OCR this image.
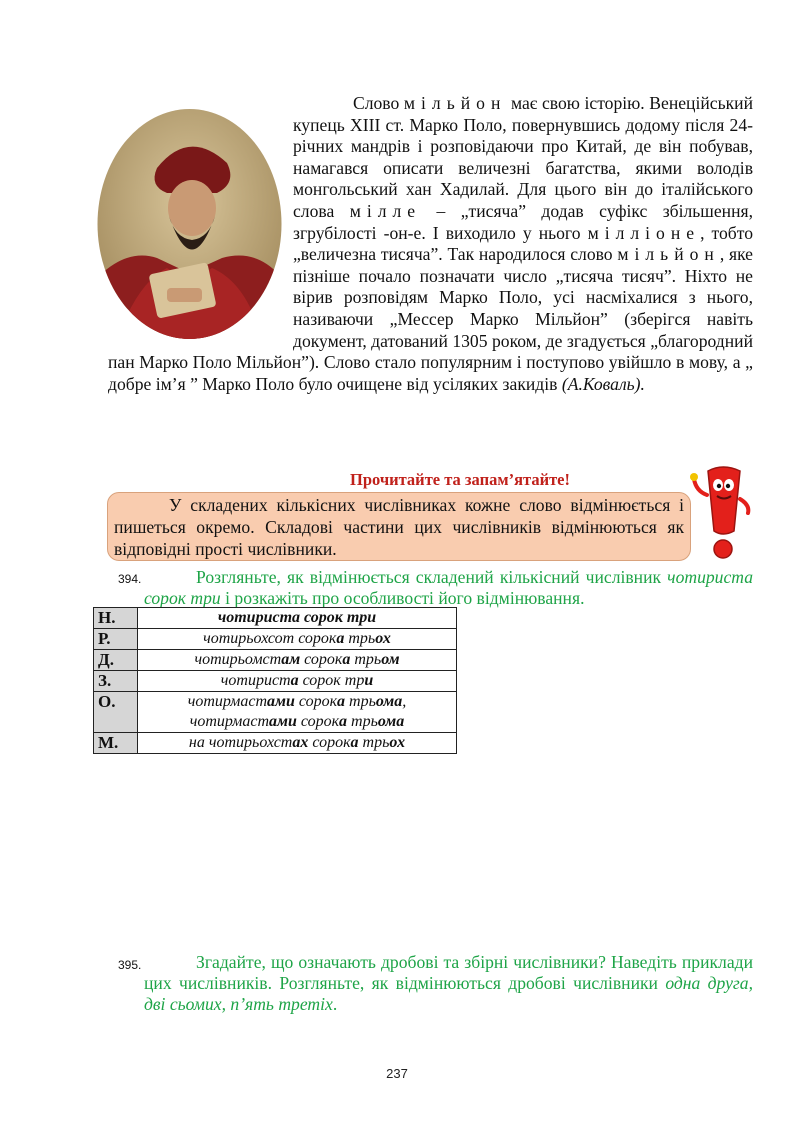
Слово мільйон має свою історію. Венеційський купець XIII ст. Марко Поло, повернувшись додому після 24-річних мандрів і розповідаючи про Китай, де він побував, намагався описати величезні багатства, якими володів монгольський хан Хадилай. Для цього він до італійського слова мілле – „тисяча” додав суфікс збільшення, згрубілості -он-е. І виходило у нього мілліоне, тобто „величезна тисяча”. Так народилося слово мільйон, яке пізніше почало позначати число „тисяча тисяч”. Ніхто не вірив розповідям Марко Поло, усі насміхалися з нього, називаючи „Мессер Марко Мільйон” (зберігся навіть документ, датований 1305 роком, де згадується „благородний пан Марко Поло Мільйон”). Слово стало популярним і поступово увійшло в мову, а „ добре ім’я ” Марко Поло було очищене від усіляких закидів (А.Коваль).

Прочитайте та запам’ятайте!
У складених кількісних числівниках кожне слово відмінюється і пишеться окремо. Складові частини цих числівників відмінюються як відповідні прості числівники.
394.	Розгляньте, як відмінюється складений кількісний числівник чотириста сорок три і розкажіть про особливості його відмінювання.

Н.	чотириста сорок три
Р.	чотирьохсот сорока трьох
Д.	чотирьомстам сорока трьом
З.	чотириста сорок три
О.	чотирмастами сорока трьома,
чотирмастами сорока трьома
М.	на чотирьохстах сорока трьох
395.	Згадайте, що означають дробові та збірні числівники? Наведіть приклади цих числівників. Розгляньте, як відмінюються дробові числівники одна друга, дві сьомих, п’ять третіх.

237
